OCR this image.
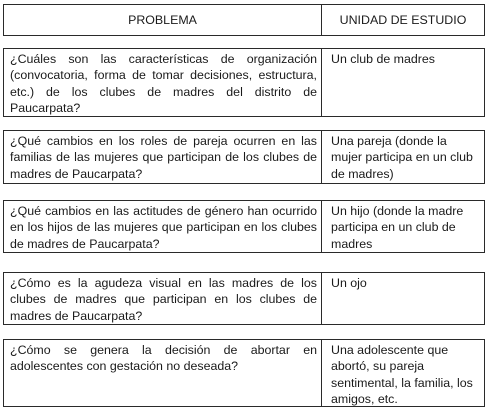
PROBLEMA	UNIDAD DE ESTUDIO
¿Cuáles son las características de organización (convocatoria, forma de tomar decisiones, estructura, etc.) de los clubes de madres del distrito de Paucarpata?
Un club de madres
¿Qué cambios en los roles de pareja ocurren en las familias de las mujeres que participan de los clubes de madres de Paucarpata?
Una pareja (donde la mujer participa en un club de madres)
¿Qué cambios en las actitudes de género han ocurrido en los hijos de las mujeres que participan en los clubes de madres de Paucarpata?
Un hijo (donde la madre participa en un club de madres
¿Cómo es la agudeza visual en las madres de los clubes de madres que participan en los clubes de madres de Paucarpata?
Un ojo
¿Cómo se genera la decisión de abortar en adolescentes con gestación no deseada?
Una adolescente que abortó, su pareja sentimental, la familia, los amigos, etc.
